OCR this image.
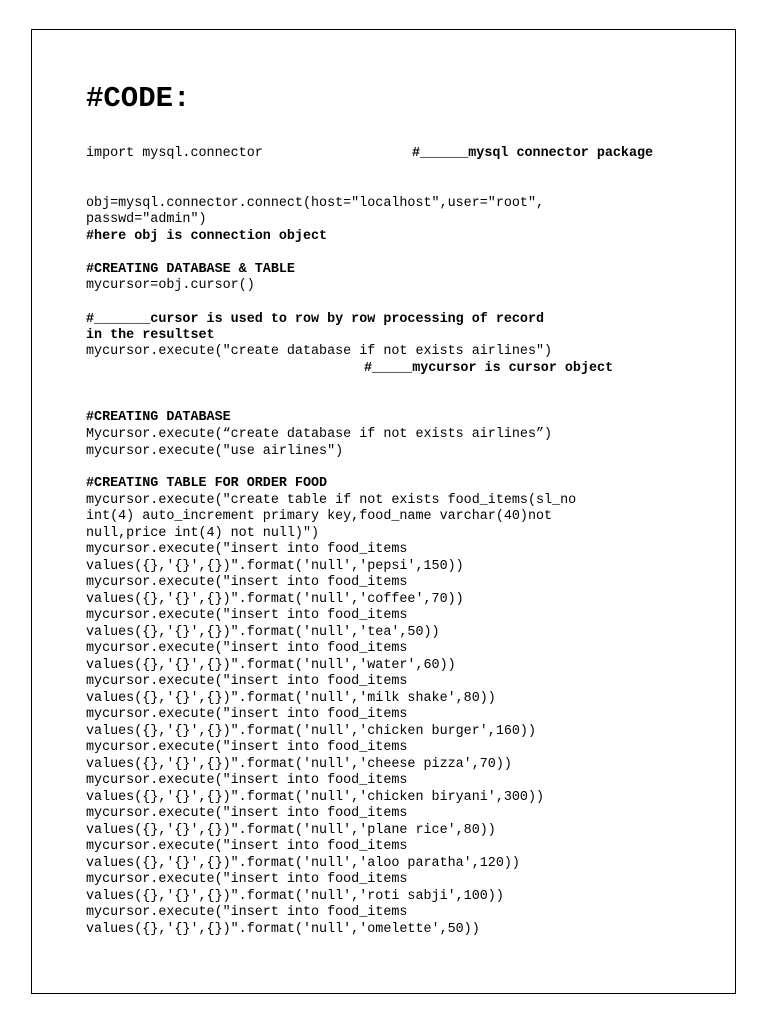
#CODE:
import mysql.connector	#______mysql connector package
obj=mysql.connector.connect(host="localhost",user="root",
passwd="admin")
#here obj is connection object
#CREATING DATABASE & TABLE
mycursor=obj.cursor()
#_______cursor is used to row by row processing of record
in the resultset
mycursor.execute("create database if not exists airlines")
#_____mycursor is cursor object
#CREATING DATABASE
Mycursor.execute(“create database if not exists airlines”)
mycursor.execute("use airlines")
#CREATING TABLE FOR ORDER FOOD
mycursor.execute("create table if not exists food_items(sl_no
int(4) auto_increment primary key,food_name varchar(40)not
null,price int(4) not null)")
mycursor.execute("insert into food_items
values({},'{}',{})".format('null','pepsi',150))
mycursor.execute("insert into food_items
values({},'{}',{})".format('null','coffee',70))
mycursor.execute("insert into food_items
values({},'{}',{})".format('null','tea',50))
mycursor.execute("insert into food_items
values({},'{}',{})".format('null','water',60))
mycursor.execute("insert into food_items
values({},'{}',{})".format('null','milk shake',80))
mycursor.execute("insert into food_items
values({},'{}',{})".format('null','chicken burger',160))
mycursor.execute("insert into food_items
values({},'{}',{})".format('null','cheese pizza',70))
mycursor.execute("insert into food_items
values({},'{}',{})".format('null','chicken biryani',300))
mycursor.execute("insert into food_items
values({},'{}',{})".format('null','plane rice',80))
mycursor.execute("insert into food_items
values({},'{}',{})".format('null','aloo paratha',120))
mycursor.execute("insert into food_items
values({},'{}',{})".format('null','roti sabji',100))
mycursor.execute("insert into food_items
values({},'{}',{})".format('null','omelette',50))
